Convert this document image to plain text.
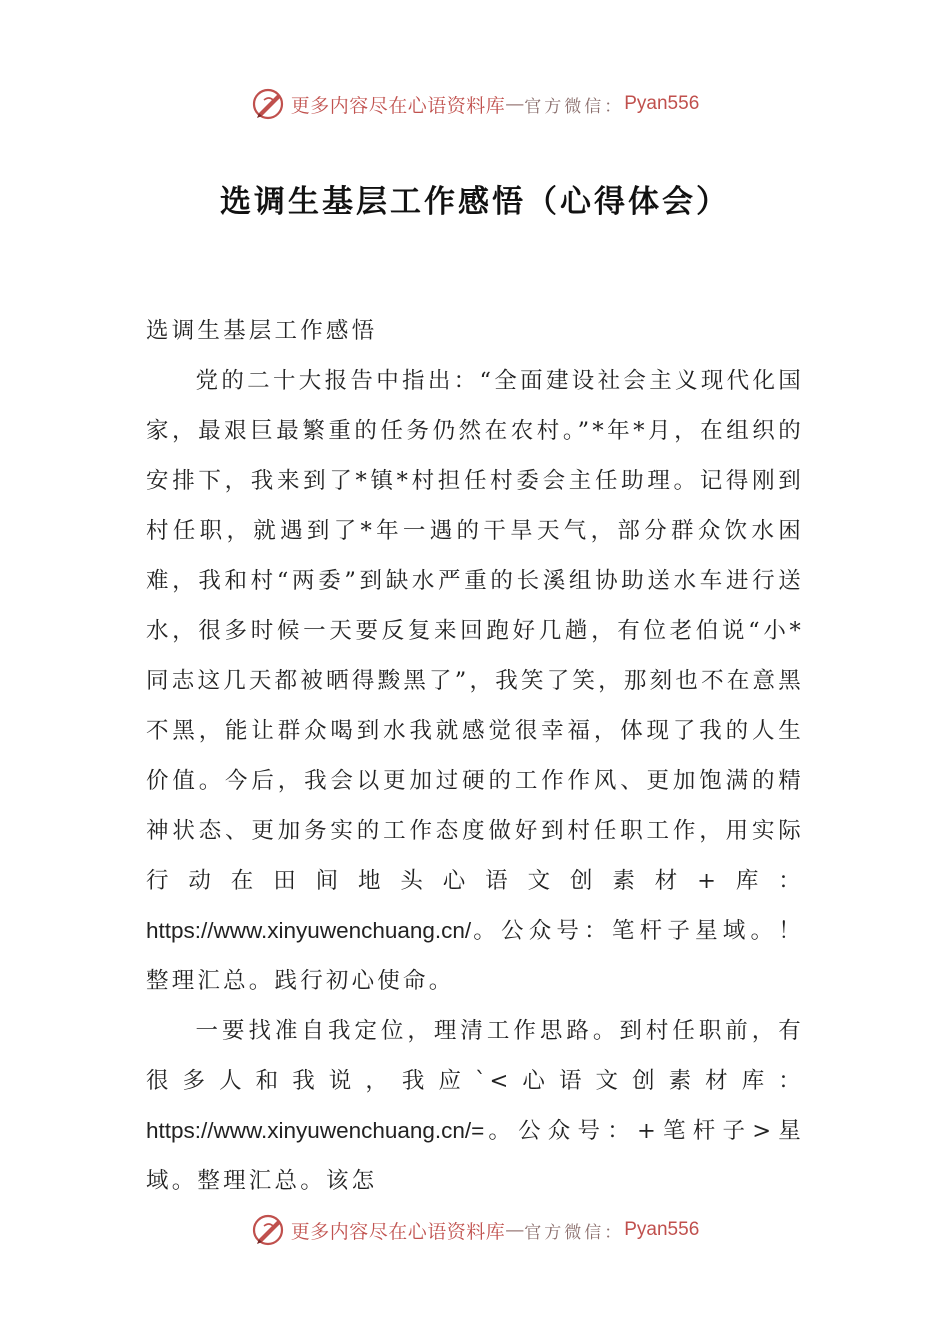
更多内容尽在心语资料库 — 官方微信： Pyan556
选调生基层工作感悟（心得体会）

选调生基层工作感悟

党的二十大报告中指出：“全面建设社会主义现代化国家，最艰巨最繁重的任务仍然在农村。”*年*月，在组织的安排下，我来到了*镇*村担任村委会主任助理。记得刚到村任职，就遇到了*年一遇的干旱天气，部分群众饮水困难，我和村“两委”到缺水严重的长溪组协助送水车进行送水，很多时候一天要反复来回跑好几趟，有位老伯说“小*同志这几天都被晒得黢黑了”，我笑了笑，那刻也不在意黑不黑，能让群众喝到水我就感觉很幸福，体现了我的人生价值。今后，我会以更加过硬的工作作风、更加饱满的精神状态、更加务实的工作态度做好到村任职工作，用实际行动在田间地头心语文创素材+库：https://www.xinyuwenchuang.cn/。公众号：笔杆子星域。！整理汇总。践行初心使命。

一要找准自我定位，理清工作思路。到村任职前，有很多人和我说，我应`<心语文创素材库：https://www.xinyuwenchuang.cn/=。公众号：+笔杆子>星域。整理汇总。该怎

更多内容尽在心语资料库 — 官方微信： Pyan556
